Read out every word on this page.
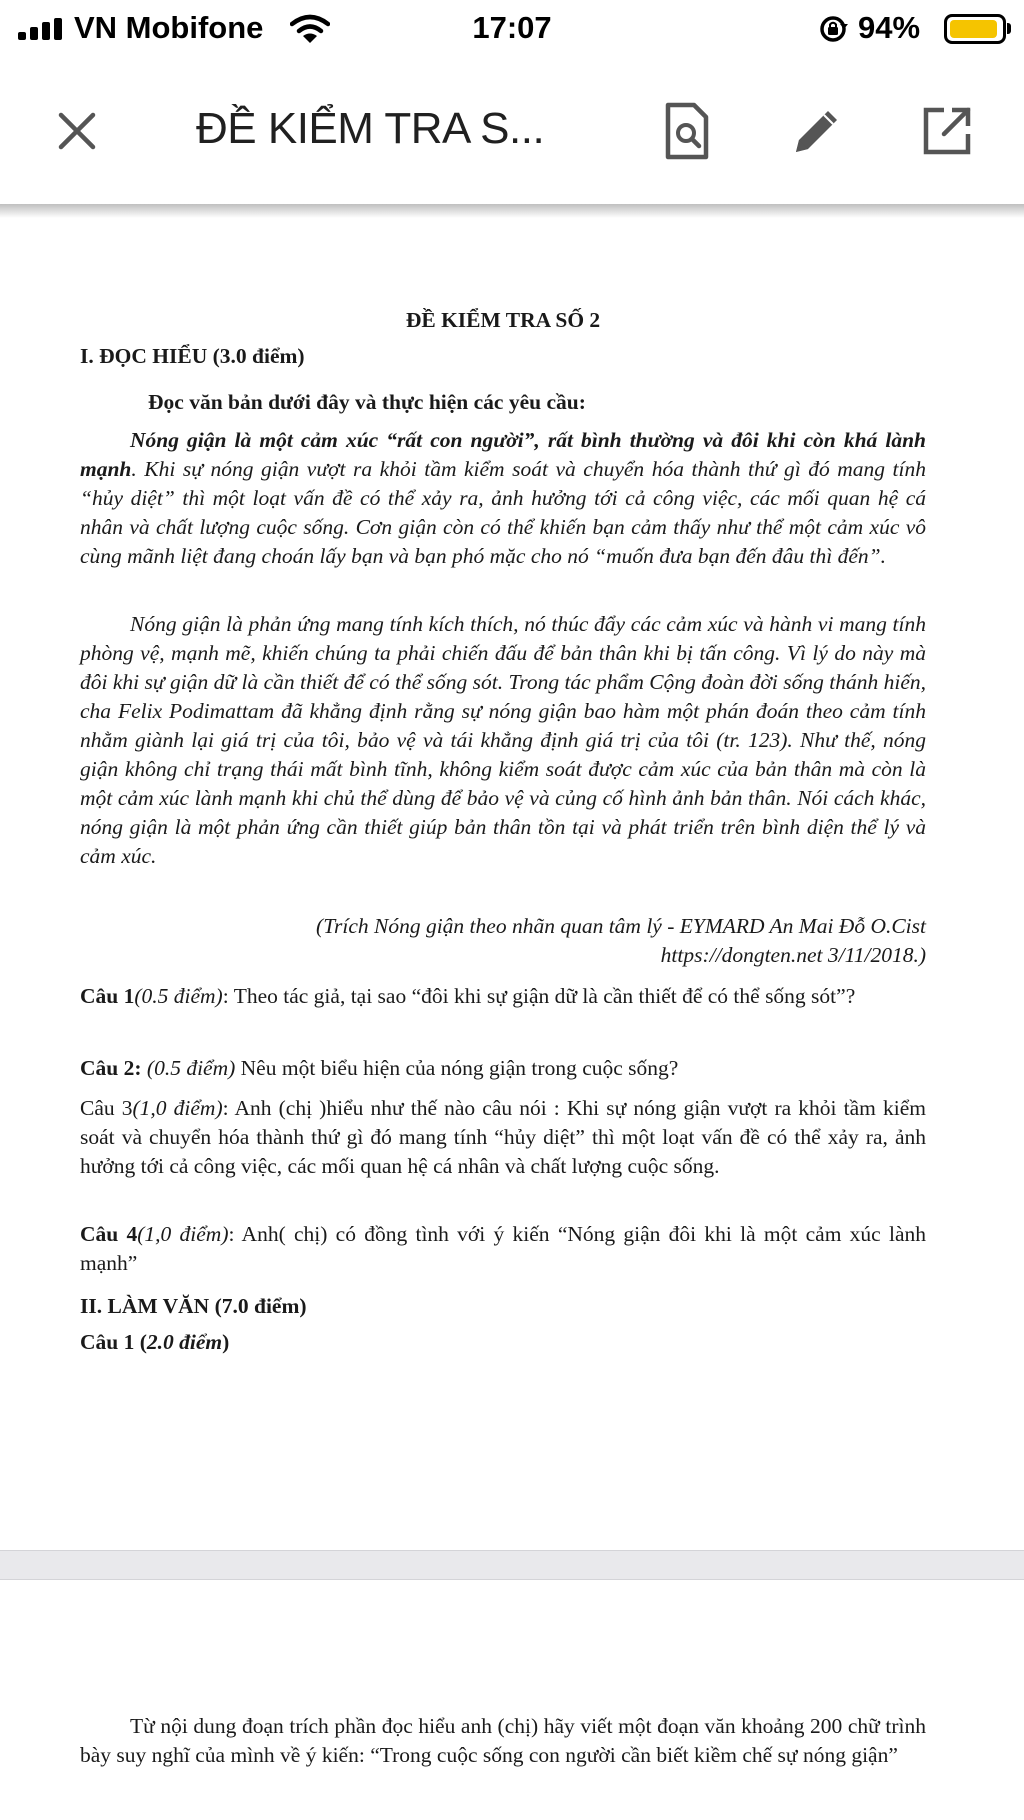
VN Mobifone	17:07	94%
ĐỀ KIỂM TRA S...
ĐỀ KIỂM TRA SỐ 2
I. ĐỌC HIỂU (3.0 điểm)
Đọc văn bản dưới đây và thực hiện các yêu cầu:
Nóng giận là một cảm xúc “rất con người”, rất bình thường và đôi khi còn khá lành mạnh. Khi sự nóng giận vượt ra khỏi tầm kiểm soát và chuyển hóa thành thứ gì đó mang tính “hủy diệt” thì một loạt vấn đề có thể xảy ra, ảnh hưởng tới cả công việc, các mối quan hệ cá nhân và chất lượng cuộc sống. Cơn giận còn có thể khiến bạn cảm thấy như thể một cảm xúc vô cùng mãnh liệt đang choán lấy bạn và bạn phó mặc cho nó “muốn đưa bạn đến đâu thì đến”.
Nóng giận là phản ứng mang tính kích thích, nó thúc đẩy các cảm xúc và hành vi mang tính phòng vệ, mạnh mẽ, khiến chúng ta phải chiến đấu để bản thân khi bị tấn công. Vì lý do này mà đôi khi sự giận dữ là cần thiết để có thể sống sót. Trong tác phẩm Cộng đoàn đời sống thánh hiến, cha Felix Podimattam đã khẳng định rằng sự nóng giận bao hàm một phán đoán theo cảm tính nhằm giành lại giá trị của tôi, bảo vệ và tái khẳng định giá trị của tôi (tr. 123). Như thế, nóng giận không chỉ trạng thái mất bình tĩnh, không kiểm soát được cảm xúc của bản thân mà còn là một cảm xúc lành mạnh khi chủ thể dùng để bảo vệ và củng cố hình ảnh bản thân. Nói cách khác, nóng giận là một phản ứng cần thiết giúp bản thân tồn tại và phát triển trên bình diện thể lý và cảm xúc.
(Trích Nóng giận theo nhãn quan tâm lý - EYMARD An Mai Đỗ O.Cist
https://dongten.net 3/11/2018.)
Câu 1(0.5 điểm): Theo tác giả, tại sao “đôi khi sự giận dữ là cần thiết để có thể sống sót”?
Câu 2: (0.5 điểm) Nêu một biểu hiện của nóng giận trong cuộc sống?
Câu 3(1,0 điểm): Anh (chị )hiểu như thế nào câu nói : Khi sự nóng giận vượt ra khỏi tầm kiểm soát và chuyển hóa thành thứ gì đó mang tính “hủy diệt” thì một loạt vấn đề có thể xảy ra, ảnh hưởng tới cả công việc, các mối quan hệ cá nhân và chất lượng cuộc sống.
Câu 4(1,0 điểm): Anh( chị) có đồng tình với ý kiến “Nóng giận đôi khi là một cảm xúc lành mạnh”
II. LÀM VĂN (7.0 điểm)
Câu 1 (2.0 điểm)
Từ nội dung đoạn trích phần đọc hiểu anh (chị) hãy viết một đoạn văn khoảng 200 chữ trình bày suy nghĩ của mình về ý kiến: “Trong cuộc sống con người cần biết kiềm chế sự nóng giận”
